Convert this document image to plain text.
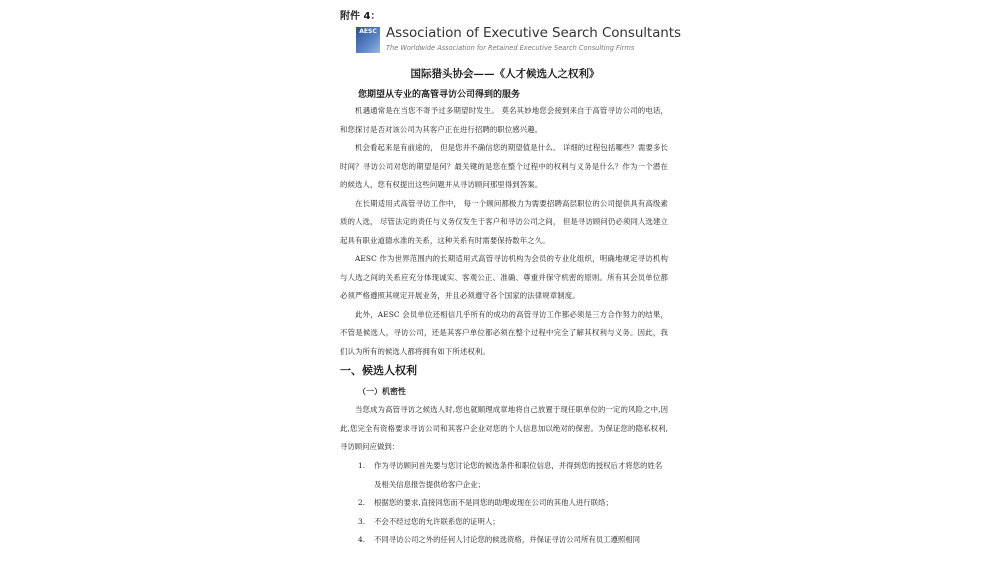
附件 4：
AESC Association of Executive Search Consultants
The Worldwide Association for Retained Executive Search Consulting Firms
国际猎头协会——《人才候选人之权利》
您期望从专业的高管寻访公司得到的服务

机遇通常是在当您不寄予过多期望时发生。 莫名其妙地您会接到来自于高管寻访公司的电话，和您探讨是否对该公司为其客户正在进行招聘的职位感兴趣。

机会看起来是有前途的， 但是您并不确信您的期望值是什么。 详细的过程包括哪些？需要多长时间？寻访公司对您的期望是何？最关键的是您在整个过程中的权利与义务是什么？作为一个潜在的候选人，您有权提出这些问题并从寻访顾问那里得到答案。

在长期适用式高管寻访工作中， 每一个顾问都极力为需要招聘高层职位的公司提供具有高级素质的人选， 尽管法定的责任与义务仅发生于客户和寻访公司之间， 但是寻访顾问仍必须同人选建立起具有职业道德水准的关系，这种关系有时需要保持数年之久。

AESC 作为世界范围内的长期适用式高管寻访机构为会员的专业化组织，明确地规定寻访机构与人选之间的关系应充分体现诚实、客观公正、准确、尊重并保守机密的原则。所有其会员单位都必须严格遵照其规定开展业务，并且必须遵守各个国家的法律规章制度。

此外，AESC 会员单位还相信几乎所有的成功的高管寻访工作都必须是三方合作努力的结果，不管是候选人，寻访公司，还是其客户单位都必须在整个过程中完全了解其权利与义务。因此，我们认为所有的候选人都将拥有如下所述权利。

一、候选人权利
（一）机密性

当您成为高管寻访之候选人时,您也就顺理成章地将自己放置于现任职单位的一定的风险之中,因此,您完全有资格要求寻访公司和其客户企业对您的个人信息加以绝对的保密。为保证您的隐私权利,寻访顾问应做到：

1. 作为寻访顾问首先要与您讨论您的候选条件和职位信息，并得到您的授权后才将您的姓名及相关信息报告提供给客户企业；
2. 根据您的要求,直接同您而不是同您的助理或现在公司的其他人进行联络；
3. 不会不经过您的允许联系您的证明人；
4. 不同寻访公司之外的任何人讨论您的候选资格，并保证寻访公司所有员工遵照相同
